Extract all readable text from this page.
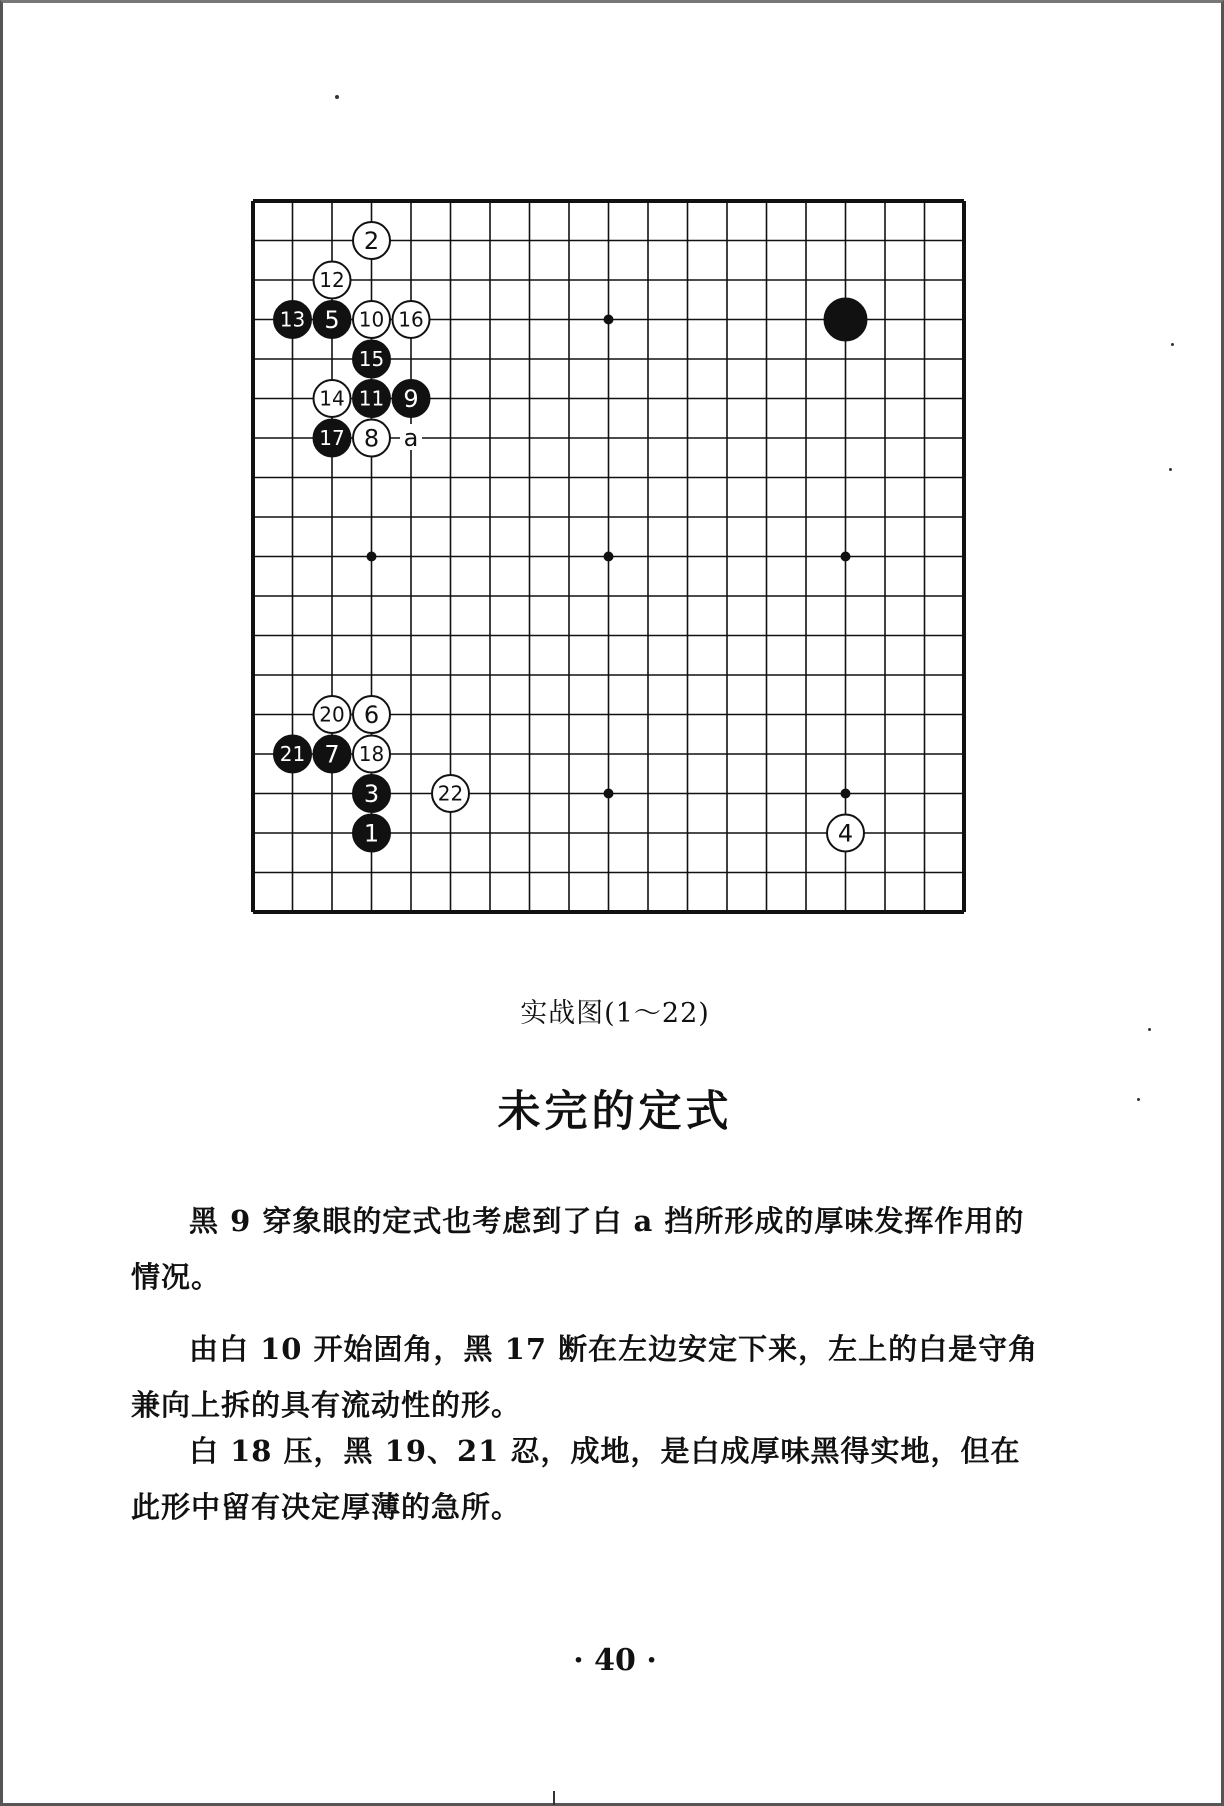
2
12
13 5 10 16
15
14 11 9
17 8
20 6
21 7 18
3	22
1	4
a
实战图(1～22)
未完的定式

黑 9 穿象眼的定式也考虑到了白 a 挡所形成的厚味发挥作用的情况。

由白 10 开始固角，黑 17 断在左边安定下来，左上的白是守角兼向上拆的具有流动性的形。

白 18 压，黑 19、21 忍，成地，是白成厚味黑得实地，但在此形中留有决定厚薄的急所。

· 40 ·
